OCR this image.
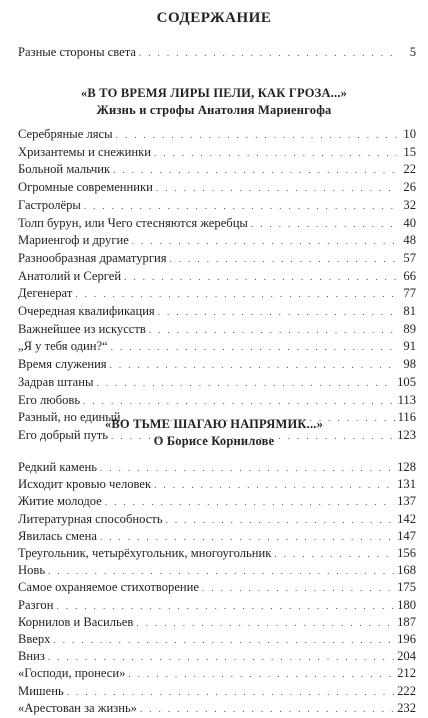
СОДЕРЖАНИЕ
Разные стороны света . . .	5
«В ТО ВРЕМЯ ЛИРЫ ПЕЛИ, КАК ГРОЗА...»
Жизнь и строфы Анатолия Мариенгофа
Серебряные лясы . . .	10
Хризантемы и снежинки . . .	15
Больной мальчик . . .	22
Огромные современники . . .	26
Гастролёры . . .	32
Толп бурун, или Чего стесняются жеребцы . . .	40
Мариенгоф и другие . . .	48
Разнообразная драматургия . . .	57
Анатолий и Сергей . . .	66
Дегенерат . . .	77
Очередная квалификация . . .	81
Важнейшее из искусств . . .	89
„Я у тебя один?“ . . .	91
Время служения . . .	98
Задрав штаны . . .	105
Его любовь . . .	113
Разный, но единый . . .	116
Его добрый путь . . .	123
«ВО ТЬМЕ ШАГАЮ НАПРЯМИК...»
О Борисе Корнилове
Редкий камень . . .	128
Исходит кровью человек . . .	131
Житие молодое . . .	137
Литературная способность . . .	142
Явилась смена . . .	147
Треугольник, четырёхугольник, многоугольник . . .	156
Новь . . .	168
Самое охраняемое стихотворение . . .	175
Разгон . . .	180
Корнилов и Васильев . . .	187
Вверх . . .	196
Вниз . . .	204
«Господи, пронеси» . . .	212
Мишень . . .	222
«Арестован за жизнь» . . .	232
